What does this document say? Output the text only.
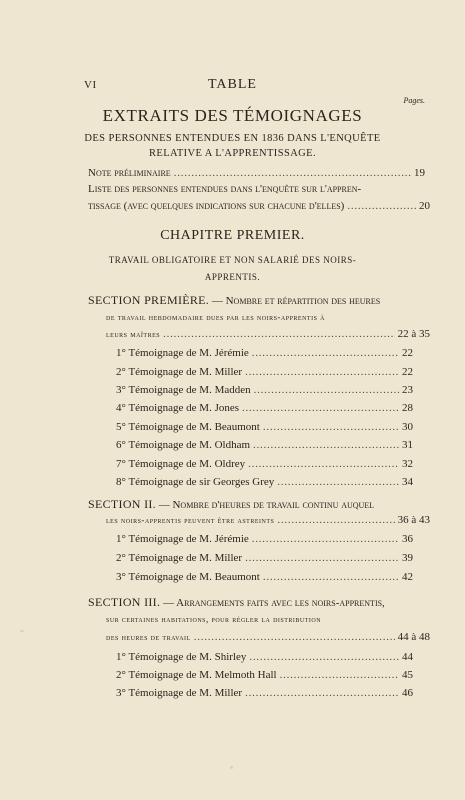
VI	TABLE
Pages.
EXTRAITS DES TÉMOIGNAGES
DES PERSONNES ENTENDUES EN 1836 DANS L'ENQUÊTE
RELATIVE A L'APPRENTISSAGE.
Note préliminaire . . .	19
Liste des personnes entendues dans l'enquête sur l'appren-
tissage (avec quelques indications sur chacune d'elles) . . .	20
CHAPITRE PREMIER.
TRAVAIL OBLIGATOIRE ET NON SALARIÉ DES NOIRS-
APPRENTIS.
SECTION PREMIÈRE. — Nombre et répartition des heures
de travail hebdomadaire dues par les noirs-apprentis à
leurs maîtres . . .	22 à 35
1° Témoignage de M. Jérémie . . .	22
2° Témoignage de M. Miller . . .	22
3° Témoignage de M. Madden . . .	23
4° Témoignage de M. Jones . . .	28
5° Témoignage de M. Beaumont . . .	30
6° Témoignage de M. Oldham . . .	31
7° Témoignage de M. Oldrey . . .	32
8° Témoignage de sir Georges Grey . . .	34
SECTION II. — Nombre d'heures de travail continu auquel
les noirs-apprentis peuvent être astreints . . .	36 à 43
1° Témoignage de M. Jérémie . . .	36
2° Témoignage de M. Miller . . .	39
3° Témoignage de M. Beaumont . . .	42
SECTION III. — Arrangements faits avec les noirs-apprentis,
sur certaines habitations, pour régler la distribution
des heures de travail . . .	44 à 48
1° Témoignage de M. Shirley . . .	44
2° Témoignage de M. Melmoth Hall . . .	45
3° Témoignage de M. Miller . . .	46
